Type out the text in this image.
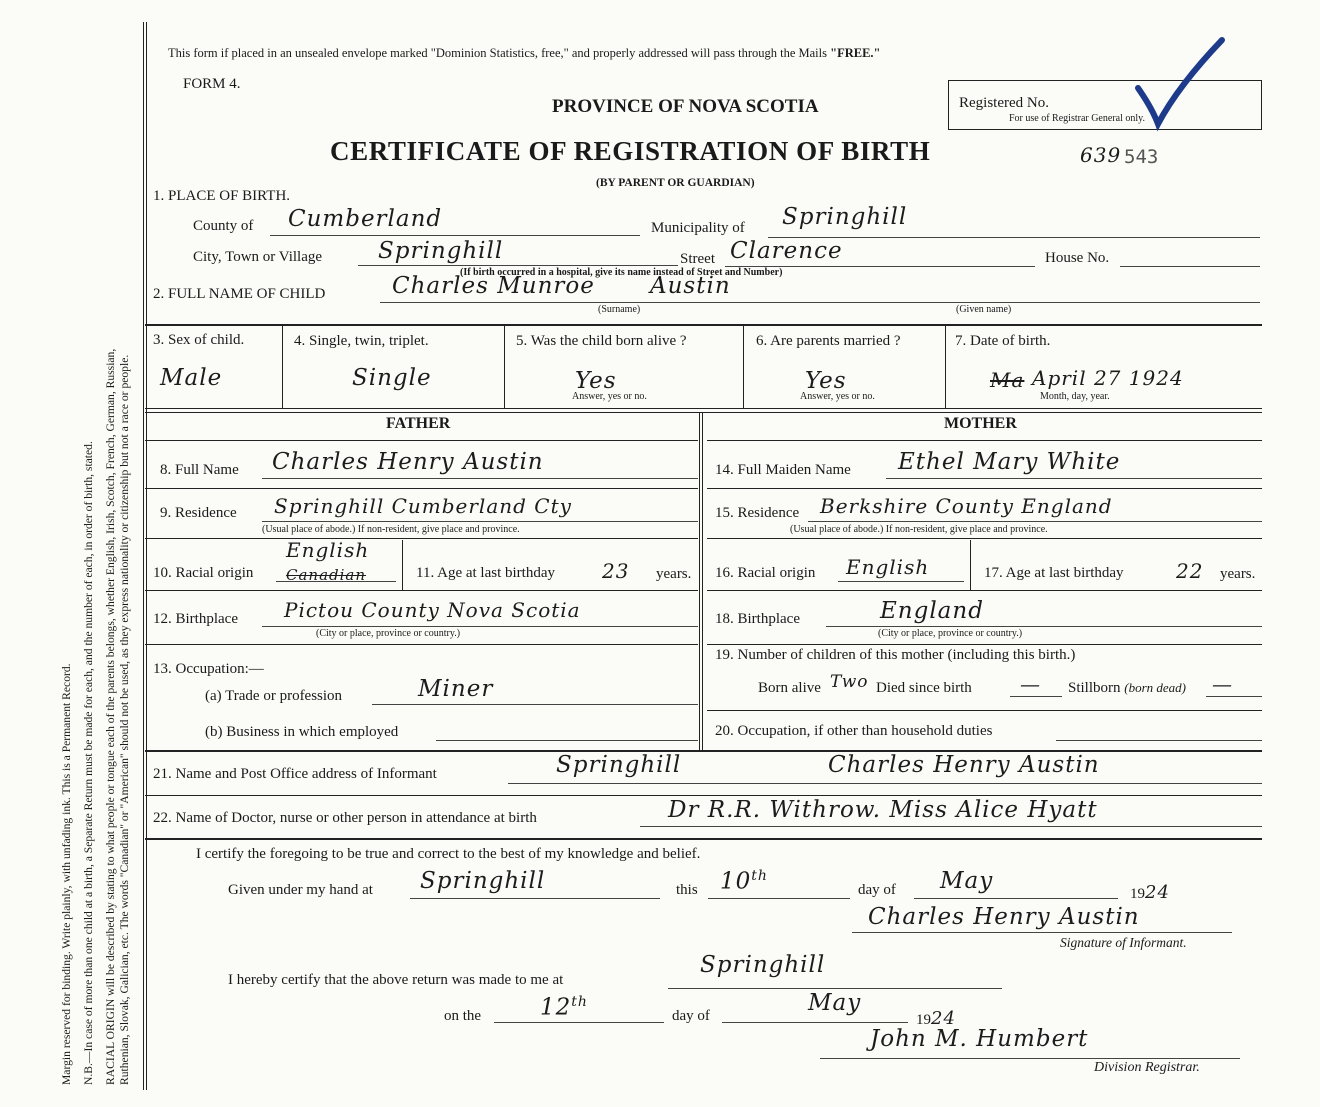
Margin reserved for binding. Write plainly, with unfading ink. This is a Permanent Record. N.B.—In case of more than one child at a birth, a Separate Return must be made for each, and the number of each, in order of birth, stated. RACIAL ORIGIN will be described by stating to what people or tongue each of the parents belongs, whether English, Irish, Scotch, French, German, Russian, Ruthenian, Slovak, Galician, etc. The words "Canadian" or "American" should not be used, as they express nationality or citizenship but not a race or people.
This form if placed in an unsealed envelope marked "Dominion Statistics, free," and properly addressed will pass through the Mails "FREE."
FORM 4.
PROVINCE OF NOVA SCOTIA
CERTIFICATE OF REGISTRATION OF BIRTH
(BY PARENT OR GUARDIAN)
639 543
Registered No.
For use of Registrar General only.
1. PLACE OF BIRTH.
County of Cumberland	Municipality of Springhill
City, Town or Village Springhill
(If birth occurred in a hospital, give its name instead of Street and Number)
Street Clarence	House No.
2. FULL NAME OF CHILD	Charles Munroe Austin
(Surname)	(Given name)
3. Sex of child.
Male
4. Single, twin, triplet.
Single
5. Was the child born alive ?
Yes
Answer, yes or no.
6. Are parents married ?
Yes
Answer, yes or no.
7. Date of birth.
Ma April 27 1924
Month, day, year.
FATHER	MOTHER
8. Full Name Charles Henry Austin
9. Residence Springhill Cumberland Cty
(Usual place of abode.) If non-resident, give place and province.
10. Racial origin Canadian
English
11. Age at last birthday 23 years.
12. Birthplace Pictou County Nova Scotia
(City or place, province or country.)
13. Occupation:—
(a) Trade or profession	Miner
(b) Business in which employed
14. Full Maiden Name Ethel Mary White
15. Residence Berkshire County England
(Usual place of abode.) If non-resident, give place and province.
16. Racial origin English	17. Age at last birthday	22 years.
18. Birthplace	England
(City or place, province or country.)
19. Number of children of this mother (including this birth.)
Born alive Two Died since birth — Stillborn (born dead) —
20. Occupation, if other than household duties
21. Name and Post Office address of Informant	Springhill	Charles Henry Austin
22. Name of Doctor, nurse or other person in attendance at birth	Dr R.R. Withrow. Miss Alice Hyatt
I certify the foregoing to be true and correct to the best of my knowledge and belief.
Given under my hand at Springhill	this 10th
day of May	1924
Charles Henry Austin
Signature of Informant.
I hereby certify that the above return was made to me at
Springhill
on the	12th
day of	May
1924
John M. Humbert
Division Registrar.
